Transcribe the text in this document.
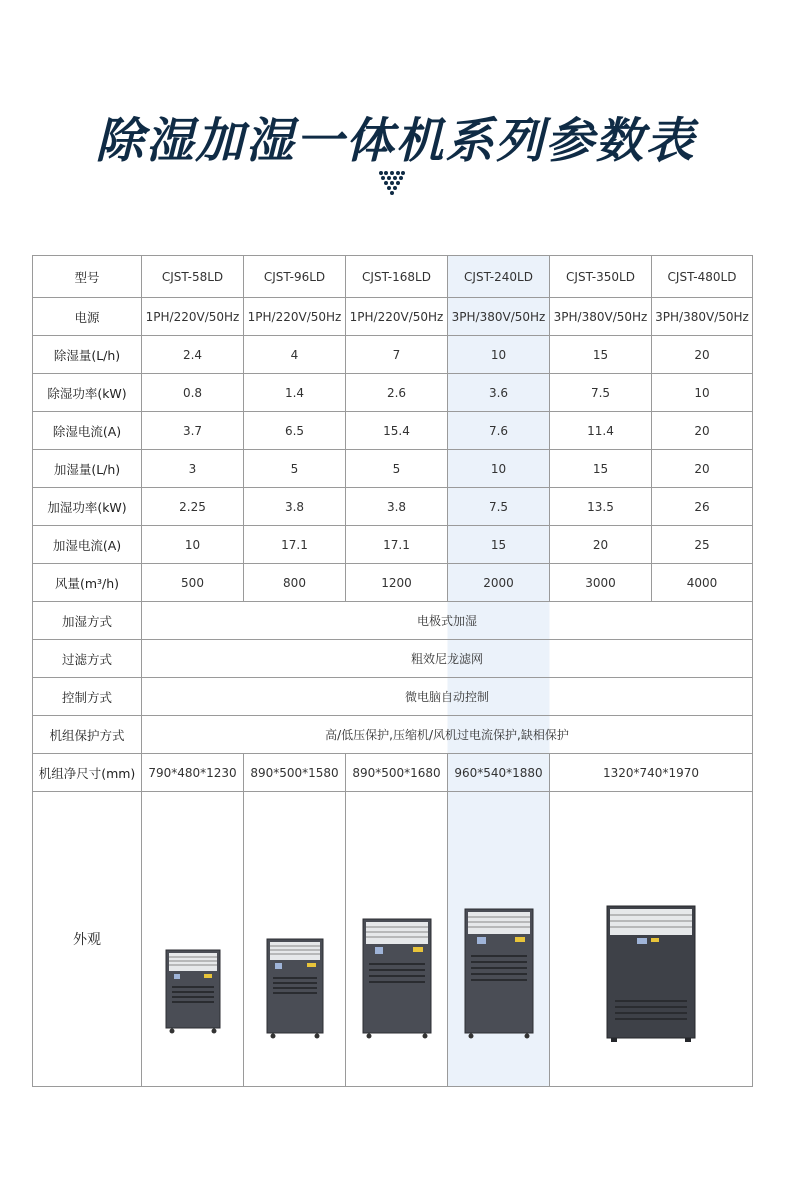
除湿加湿一体机系列参数表
型号	CJST-58LD	CJST-96LD	CJST-168LD	CJST-240LD	CJST-350LD	CJST-480LD
电源	1PH/220V/50Hz	1PH/220V/50Hz	1PH/220V/50Hz	3PH/380V/50Hz	3PH/380V/50Hz	3PH/380V/50Hz
除湿量(L/h)	2.4	4	7	10	15	20
除湿功率(kW)	0.8	1.4	2.6	3.6	7.5	10
除湿电流(A)	3.7	6.5	15.4	7.6	11.4	20
加湿量(L/h)	3	5	5	10	15	20
加湿功率(kW)	2.25	3.8	3.8	7.5	13.5	26
加湿电流(A)	10	17.1	17.1	15	20	25
风量(m³/h)	500	800	1200	2000	3000	4000
加湿方式	电极式加湿					
过滤方式	粗效尼龙滤网					
控制方式	微电脑自动控制					
机组保护方式	高/低压保护,压缩机/风机过电流保护,缺相保护					
机组净尺寸(mm)	790*480*1230	890*500*1580	890*500*1680	960*540*1880	1320*740*1970	
外观	
